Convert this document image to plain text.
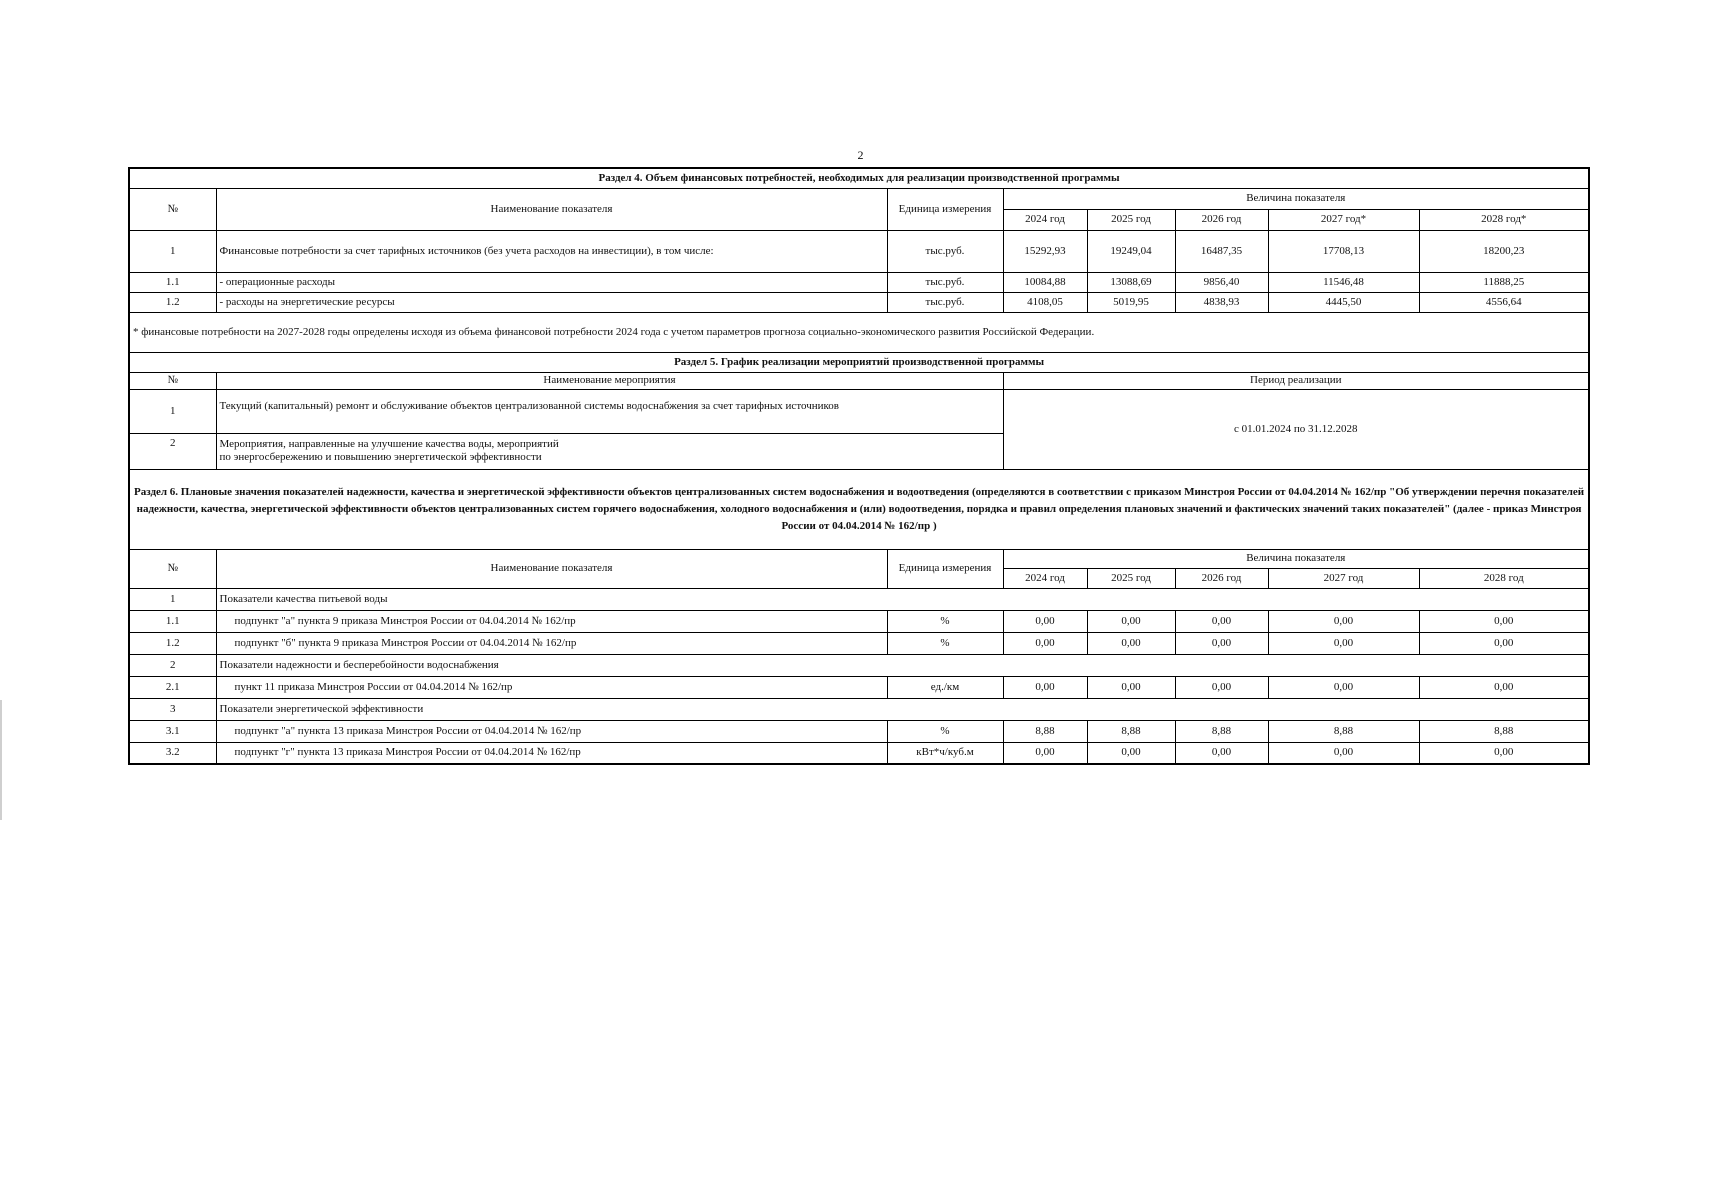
2
Раздел 4. Объем финансовых потребностей, необходимых для реализации производственной программы							
№	Наименование показателя	Единица измерения	Величина показателя				
			2024 год	2025 год	2026 год	2027 год*	2028 год*
1	Финансовые потребности за счет тарифных источников (без учета расходов на инвестиции), в том числе:	тыс.руб.	15292,93	19249,04	16487,35	17708,13	18200,23
1.1	- операционные расходы	тыс.руб.	10084,88	13088,69	9856,40	11546,48	11888,25
1.2	- расходы на энергетические ресурсы	тыс.руб.	4108,05	5019,95	4838,93	4445,50	4556,64
* финансовые потребности на 2027-2028 годы определены исходя из объема финансовой потребности 2024 года с учетом параметров прогноза социально-экономического развития Российской Федерации.							
Раздел 5. График реализации мероприятий производственной программы							
№	Наименование мероприятия		Период реализации				
1	Текущий (капитальный) ремонт и обслуживание объектов централизованной системы водоснабжения за счет тарифных источников		с 01.01.2024 по 31.12.2028				
2	Мероприятия, направленные на улучшение качества воды, мероприятий
по энергосбережению и повышению энергетической эффективности						

Раздел 6. Плановые значения показателей надежности, качества и энергетической эффективности объектов централизованных систем водоснабжения и водоотведения (определяются в соответствии с приказом Минстроя России от 04.04.2014 № 162/пр "Об утверждении перечня показателей надежности, качества, энергетической эффективности объектов централизованных систем горячего водоснабжения, холодного водоснабжения и (или) водоотведения, порядка и правил определения плановых значений и фактических значений таких показателей" (далее - приказ Минстроя России от 04.04.2014 № 162/пр )							
№	Наименование показателя	Единица измерения	Величина показателя				
			2024 год	2025 год	2026 год	2027 год	2028 год
1	Показатели качества питьевой воды						
1.1	подпункт "а" пункта 9 приказа Минстроя России от 04.04.2014 № 162/пр	%	0,00	0,00	0,00	0,00	0,00
1.2	подпункт "б" пункта 9 приказа Минстроя России от 04.04.2014 № 162/пр	%	0,00	0,00	0,00	0,00	0,00
2	Показатели надежности и бесперебойности водоснабжения						
2.1	пункт 11 приказа Минстроя России от 04.04.2014 № 162/пр	ед./км	0,00	0,00	0,00	0,00	0,00
3	Показатели энергетической эффективности						
3.1	подпункт "а" пункта 13 приказа Минстроя России от 04.04.2014 № 162/пр	%	8,88	8,88	8,88	8,88	8,88
3.2	подпункт "г" пункта 13 приказа Минстроя России от 04.04.2014 № 162/пр	кВт*ч/куб.м	0,00	0,00	0,00	0,00	0,00
